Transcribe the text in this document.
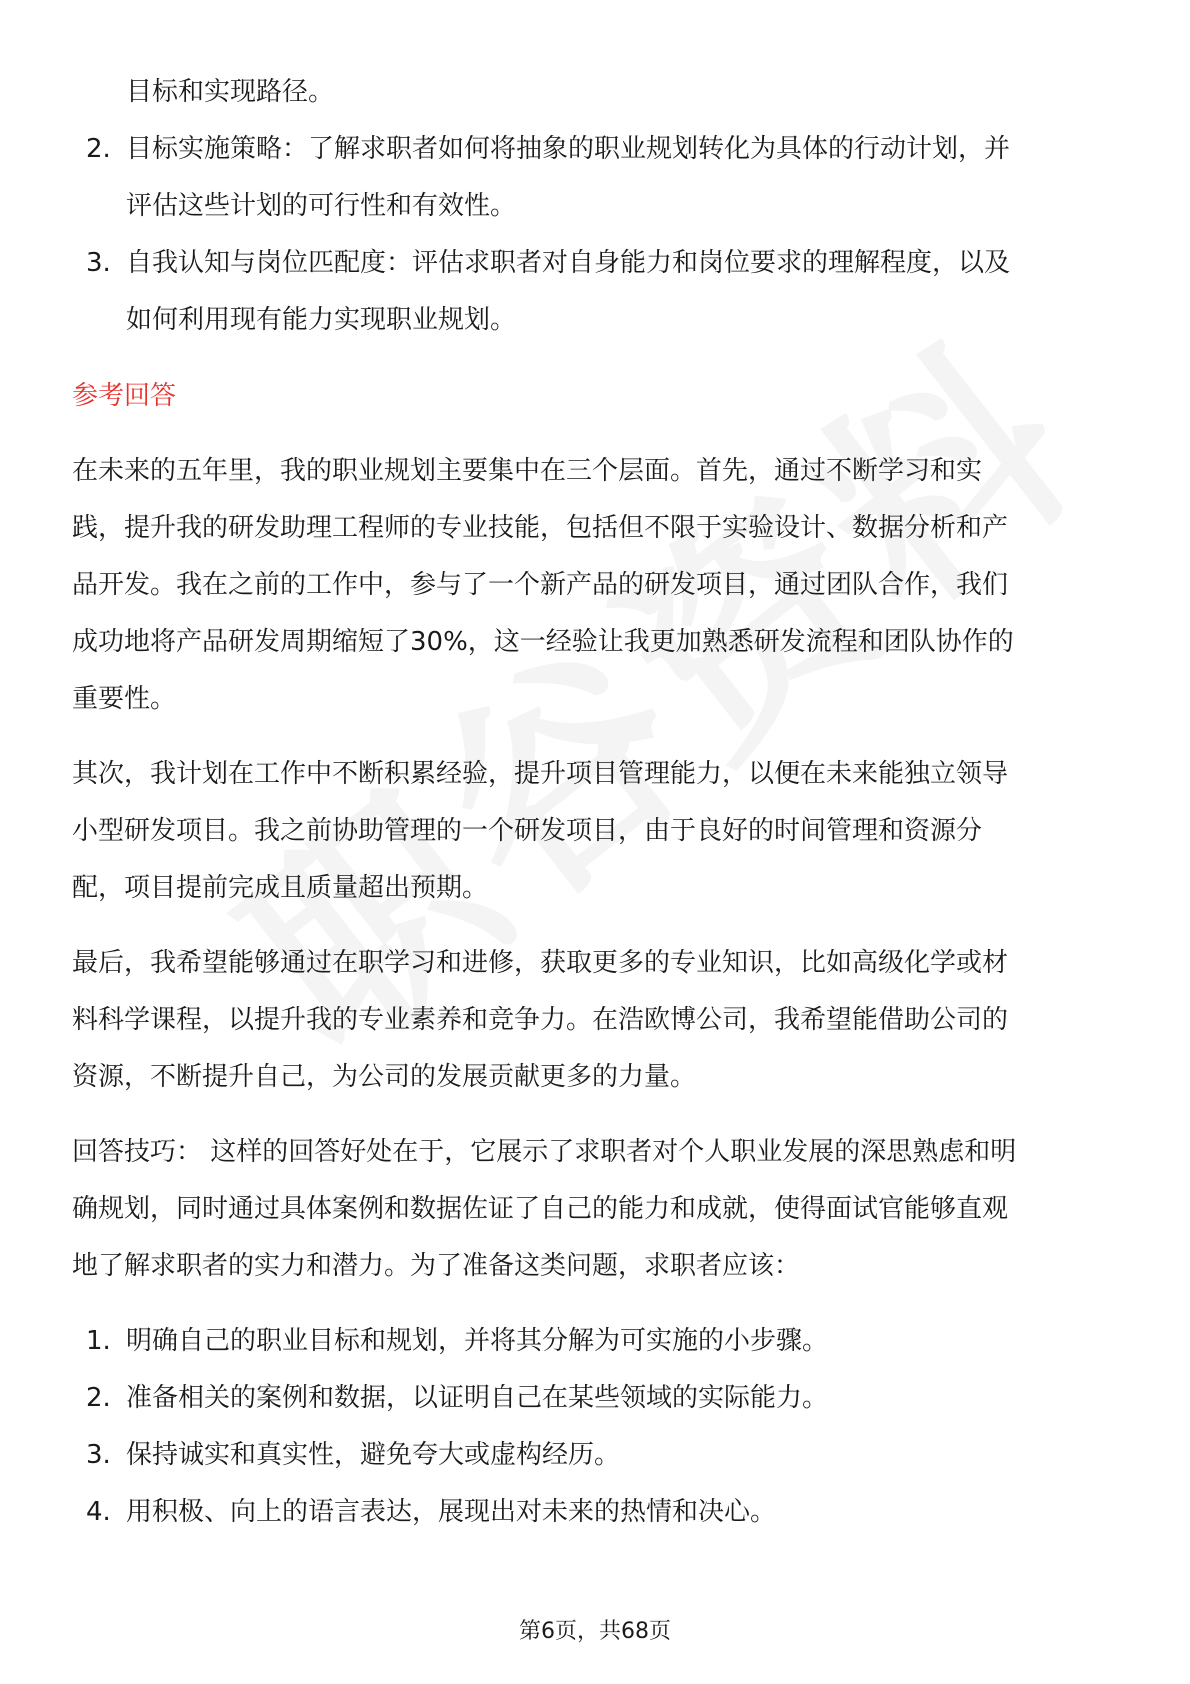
目标和实现路径。

2. 目标实施策略：了解求职者如何将抽象的职业规划转化为具体的行动计划，并

评估这些计划的可行性和有效性。

3. 自我认知与岗位匹配度：评估求职者对自身能力和岗位要求的理解程度，以及

如何利用现有能力实现职业规划。

参考回答

在未来的五年里，我的职业规划主要集中在三个层面。首先，通过不断学习和实

践，提升我的研发助理工程师的专业技能，包括但不限于实验设计、数据分析和产

品开发。我在之前的工作中，参与了一个新产品的研发项目，通过团队合作，我们

成功地将产品研发周期缩短了30%，这一经验让我更加熟悉研发流程和团队协作的

重要性。

其次，我计划在工作中不断积累经验，提升项目管理能力，以便在未来能独立领导

小型研发项目。我之前协助管理的一个研发项目，由于良好的时间管理和资源分

配，项目提前完成且质量超出预期。

最后，我希望能够通过在职学习和进修，获取更多的专业知识，比如高级化学或材

料科学课程，以提升我的专业素养和竞争力。在浩欧博公司，我希望能借助公司的

资源，不断提升自己，为公司的发展贡献更多的力量。

回答技巧： 这样的回答好处在于，它展示了求职者对个人职业发展的深思熟虑和明

确规划，同时通过具体案例和数据佐证了自己的能力和成就，使得面试官能够直观

地了解求职者的实力和潜力。为了准备这类问题，求职者应该：

1. 明确自己的职业目标和规划，并将其分解为可实施的小步骤。

2. 准备相关的案例和数据，以证明自己在某些领域的实际能力。

3. 保持诚实和真实性，避免夸大或虚构经历。

4. 用积极、向上的语言表达，展现出对未来的热情和决心。

第6页，共68页
